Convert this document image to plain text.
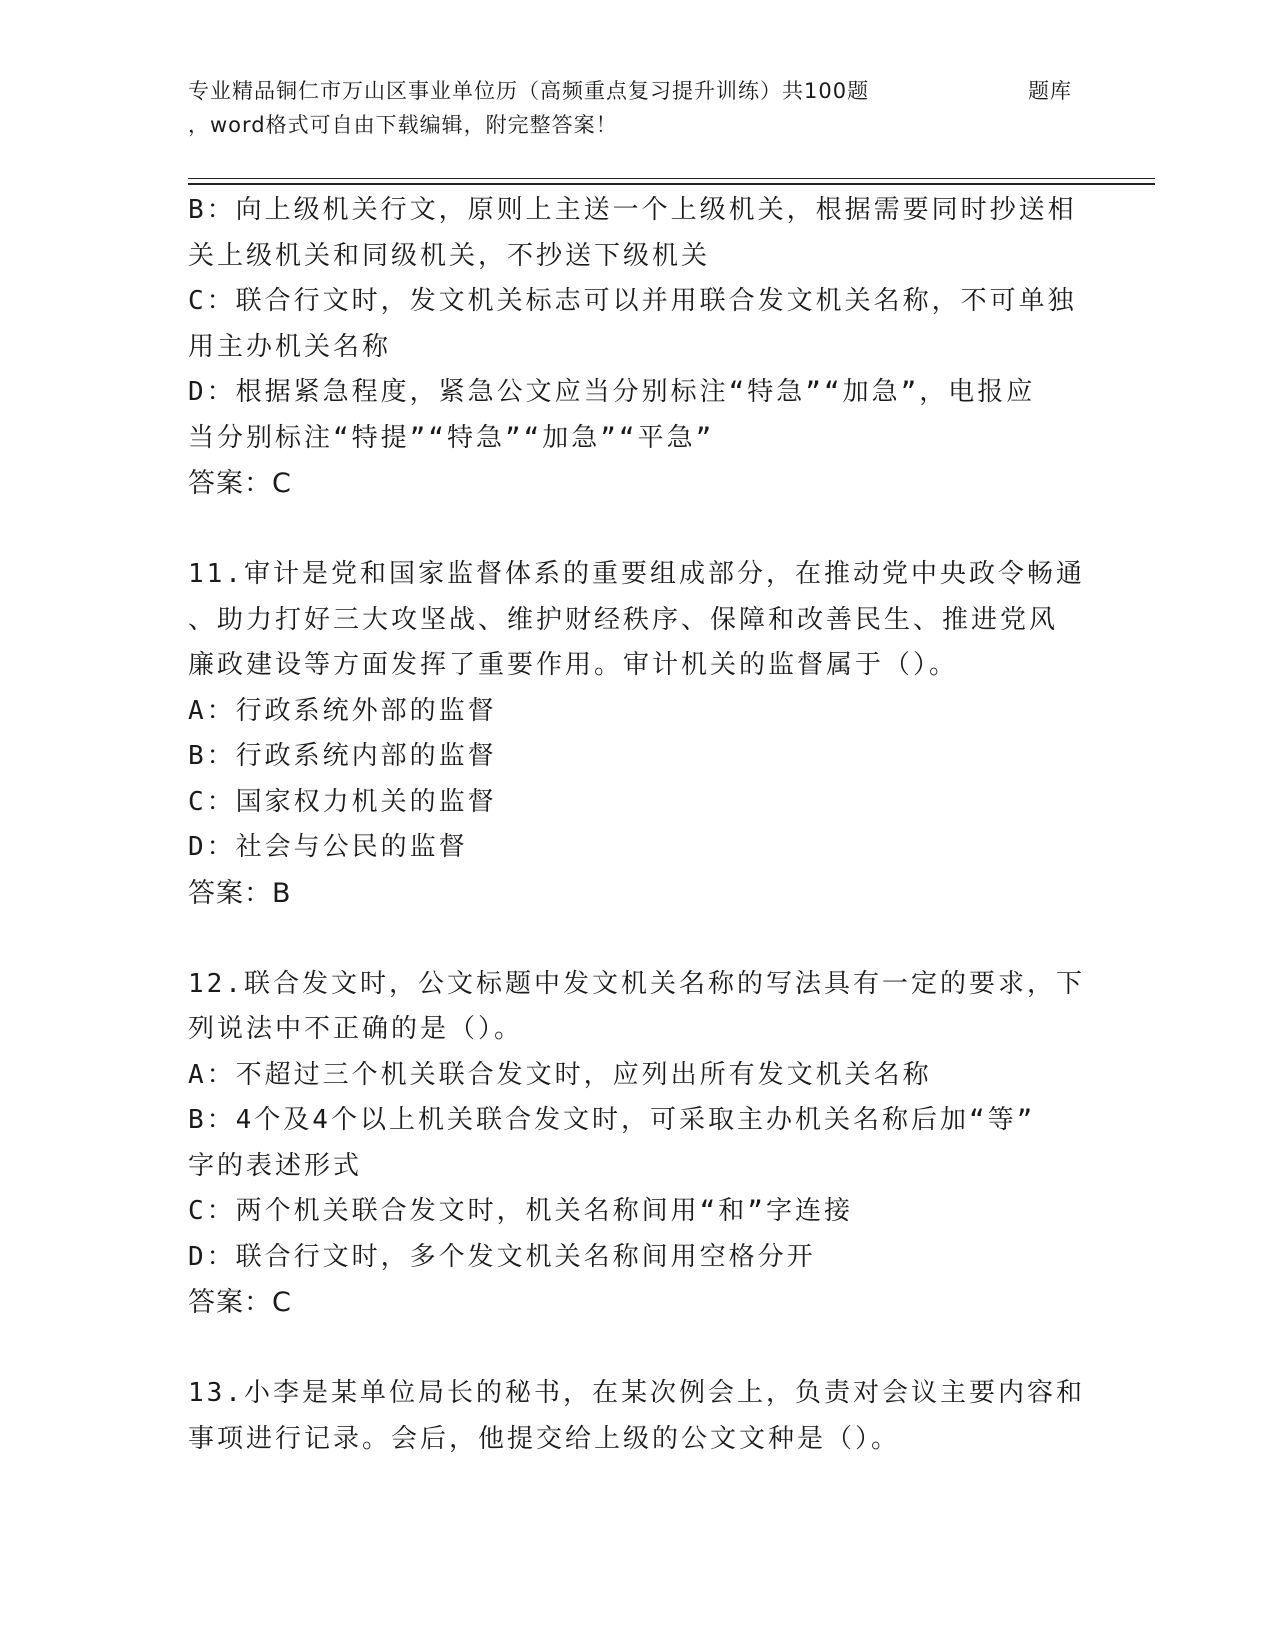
专业精品铜仁市万山区事业单位历（高频重点复习提升训练）共100题	题库
，word格式可自由下载编辑，附完整答案！
B：向上级机关行文，原则上主送一个上级机关，根据需要同时抄送相
关上级机关和同级机关，不抄送下级机关
C：联合行文时，发文机关标志可以并用联合发文机关名称，不可单独
用主办机关名称
D：根据紧急程度，紧急公文应当分别标注“特急”“加急”，电报应
当分别标注“特提”“特急”“加急”“平急”
答案：C
11.审计是党和国家监督体系的重要组成部分，在推动党中央政令畅通
、助力打好三大攻坚战、维护财经秩序、保障和改善民生、推进党风
廉政建设等方面发挥了重要作用。审计机关的监督属于（）。
A：行政系统外部的监督
B：行政系统内部的监督
C：国家权力机关的监督
D：社会与公民的监督
答案：B
12.联合发文时，公文标题中发文机关名称的写法具有一定的要求，下
列说法中不正确的是（）。
A：不超过三个机关联合发文时，应列出所有发文机关名称
B：4个及4个以上机关联合发文时，可采取主办机关名称后加“等”
字的表述形式
C：两个机关联合发文时，机关名称间用“和”字连接
D：联合行文时，多个发文机关名称间用空格分开
答案：C
13.小李是某单位局长的秘书，在某次例会上，负责对会议主要内容和
事项进行记录。会后，他提交给上级的公文文种是（）。
